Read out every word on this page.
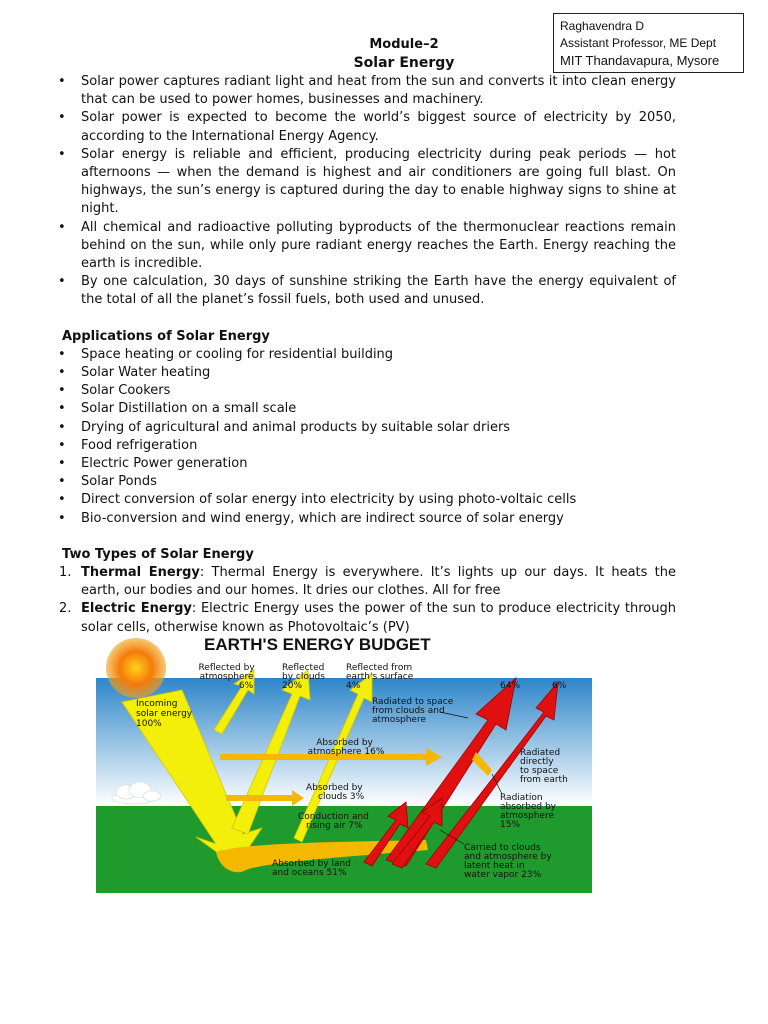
Raghavendra D
Assistant Professor, ME Dept
MIT Thandavapura, Mysore
Module–2
Solar Energy
• Solar power captures radiant light and heat from the sun and converts it into clean energy that can be used to power homes, businesses and machinery.
• Solar power is expected to become the world’s biggest source of electricity by 2050, according to the International Energy Agency.
• Solar energy is reliable and efficient, producing electricity during peak periods — hot afternoons — when the demand is highest and air conditioners are going full blast. On highways, the sun’s energy is captured during the day to enable highway signs to shine at night.
• All chemical and radioactive polluting byproducts of the thermonuclear reactions remain behind on the sun, while only pure radiant energy reaches the Earth. Energy reaching the earth is incredible.
• By one calculation, 30 days of sunshine striking the Earth have the energy equivalent of the total of all the planet’s fossil fuels, both used and unused.
Applications of Solar Energy
• Space heating or cooling for residential building
• Solar Water heating
• Solar Cookers
• Solar Distillation on a small scale
• Drying of agricultural and animal products by suitable solar driers
• Food refrigeration
• Electric Power generation
• Solar Ponds
• Direct conversion of solar energy into electricity by using photo-voltaic cells
• Bio-conversion and wind energy, which are indirect source of solar energy
Two Types of Solar Energy
1. Thermal Energy: Thermal Energy is everywhere. It’s lights up our days. It heats the earth, our bodies and our homes. It dries our clothes. All for free
2. Electric Energy: Electric Energy uses the power of the sun to produce electricity through solar cells, otherwise known as Photovoltaic’s (PV)
EARTH'S ENERGY BUDGET
Incoming solar energy 100%
Reflected by atmosphere 6%
Reflected by clouds 20%
Reflected from earth's surface 4%	64%	6%
Radiated to space from clouds and atmosphere
Absorbed by atmosphere 16%	Radiated directly to space from earth
Absorbed by clouds 3%	Radiation absorbed by atmosphere 15%
Conduction and rising air 7%
Carried to clouds and atmosphere by latent heat in water vapor 23%
Absorbed by land and oceans 51%
